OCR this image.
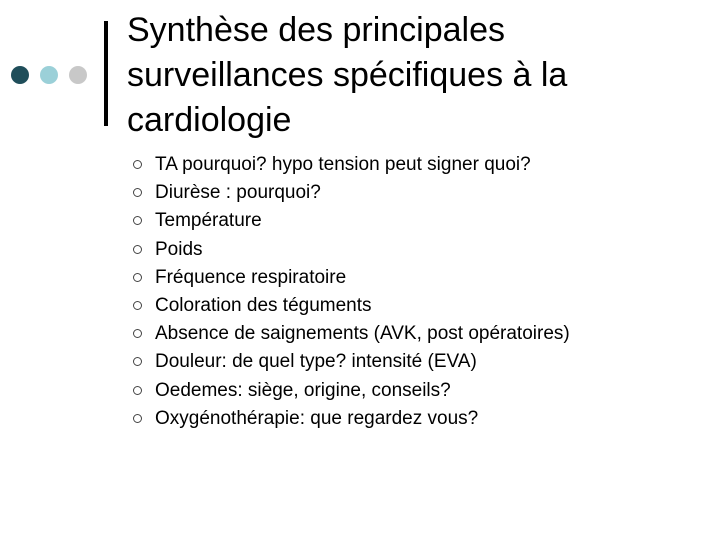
Synthèse des principales
surveillances spécifiques à la
cardiologie
TA pourquoi? hypo tension peut signer quoi?
Diurèse : pourquoi?
Température
Poids
Fréquence respiratoire
Coloration des téguments
Absence de saignements (AVK, post opératoires)
Douleur: de quel type? intensité (EVA)
Oedemes: siège, origine, conseils?
Oxygénothérapie: que regardez vous?
